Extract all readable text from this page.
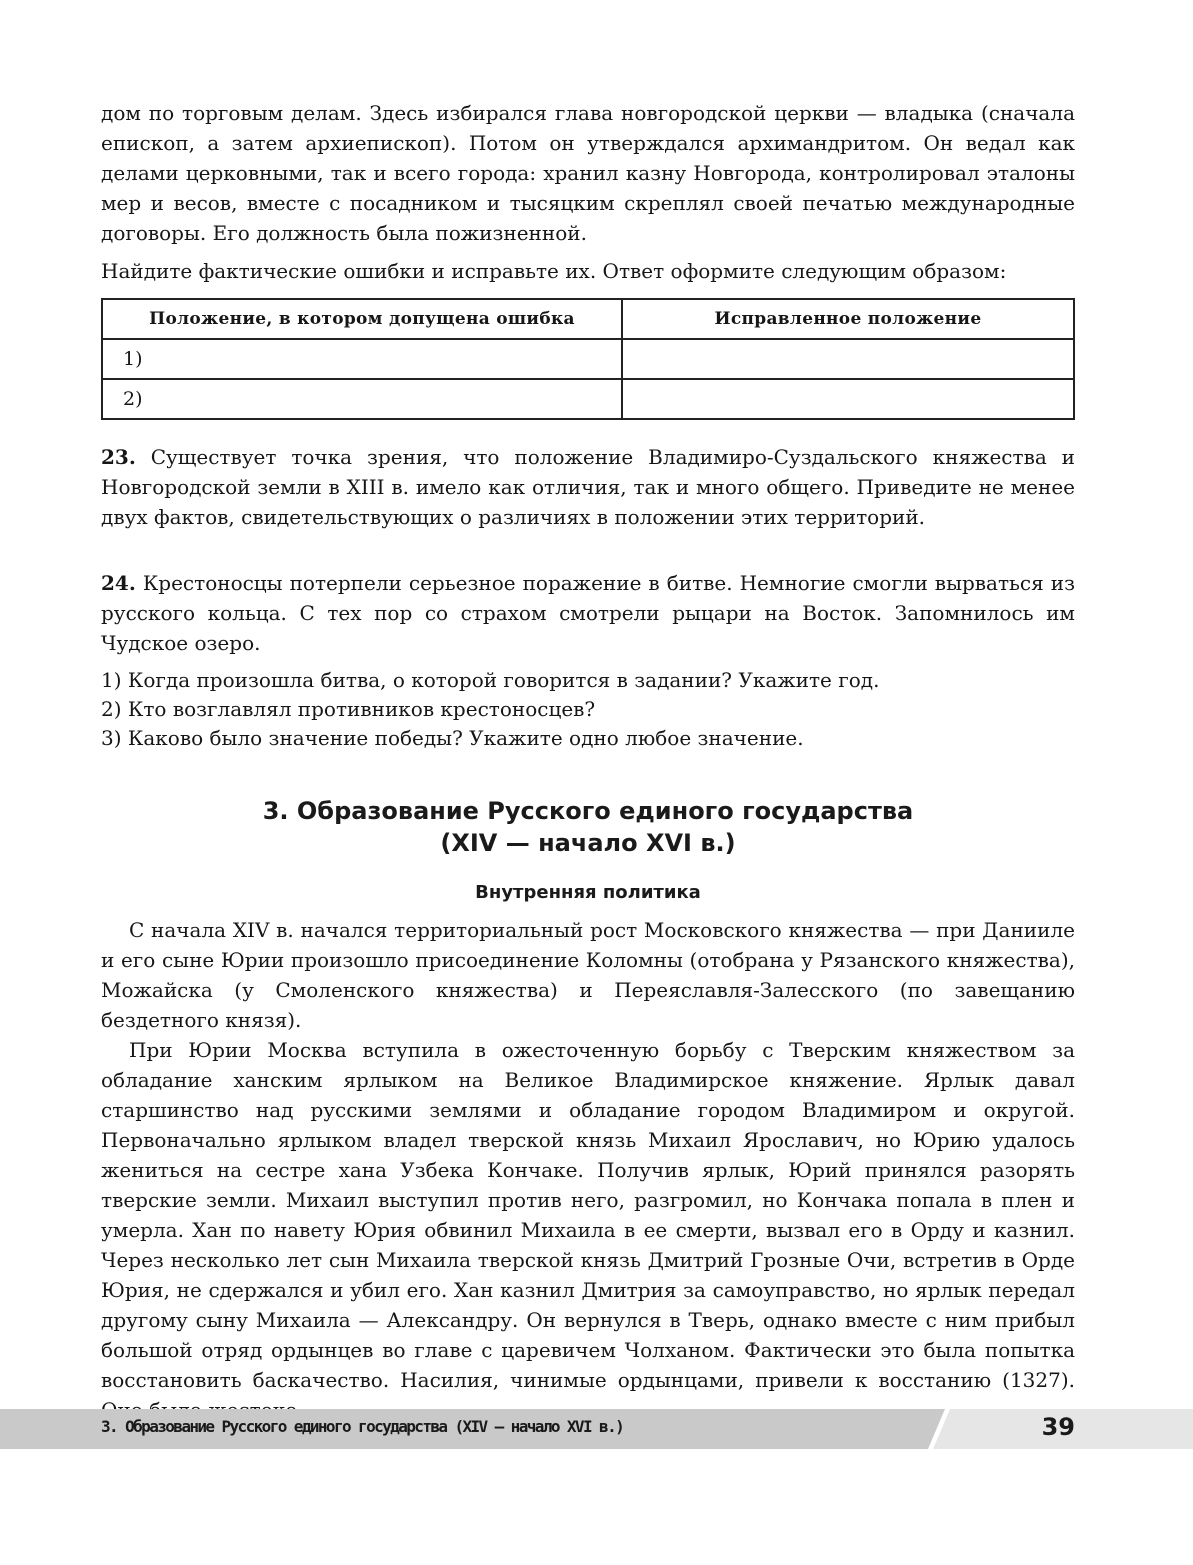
дом по торговым делам. Здесь избирался глава новгородской церкви — владыка (сначала епископ, а затем архиепископ). Потом он утверждался архимандритом. Он ведал как делами церковными, так и всего города: хранил казну Новгорода, контролировал эталоны мер и весов, вместе с посадником и тысяцким скреплял своей печатью международные договоры. Его должность была пожизненной.

Найдите фактические ошибки и исправьте их. Ответ оформите следующим образом:

Положение, в котором допущена ошибка	Исправленное положение
1)	
2)	

23. Существует точка зрения, что положение Владимиро-Суздальского княжества и Новгородской земли в XIII в. имело как отличия, так и много общего. Приведите не менее двух фактов, свидетельствующих о различиях в положении этих территорий.

24. Крестоносцы потерпели серьезное поражение в битве. Немногие смогли вырваться из русского кольца. С тех пор со страхом смотрели рыцари на Восток. Запомнилось им Чудское озеро.

1) Когда произошла битва, о которой говорится в задании? Укажите год.
2) Кто возглавлял противников крестоносцев?
3) Каково было значение победы? Укажите одно любое значение.
3. Образование Русского единого государства
(XIV — начало XVI в.)
Внутренняя политика

С начала XIV в. начался территориальный рост Московского княжества — при Данииле и его сыне Юрии произошло присоединение Коломны (отобрана у Рязанского княжества), Можайска (у Смоленского княжества) и Переяславля-Залесского (по завещанию бездетного князя).

При Юрии Москва вступила в ожесточенную борьбу с Тверским княжеством за обладание ханским ярлыком на Великое Владимирское княжение. Ярлык давал старшинство над русскими землями и обладание городом Владимиром и округой. Первоначально ярлыком владел тверской князь Михаил Ярославич, но Юрию удалось жениться на сестре хана Узбека Кончаке. Получив ярлык, Юрий принялся разорять тверские земли. Михаил выступил против него, разгромил, но Кончака попала в плен и умерла. Хан по навету Юрия обвинил Михаила в ее смерти, вызвал его в Орду и казнил. Через несколько лет сын Михаила тверской князь Дмитрий Грозные Очи, встретив в Орде Юрия, не сдержался и убил его. Хан казнил Дмитрия за самоуправство, но ярлык передал другому сыну Михаила — Александру. Он вернулся в Тверь, однако вместе с ним прибыл большой отряд ордынцев во главе с царевичем Чолханом. Фактически это была попытка восстановить баскачество. Насилия, чинимые ордынцами, привели к восстанию (1327).

3. Образование Русского единого государства (XIV — начало XVI в.)	39
